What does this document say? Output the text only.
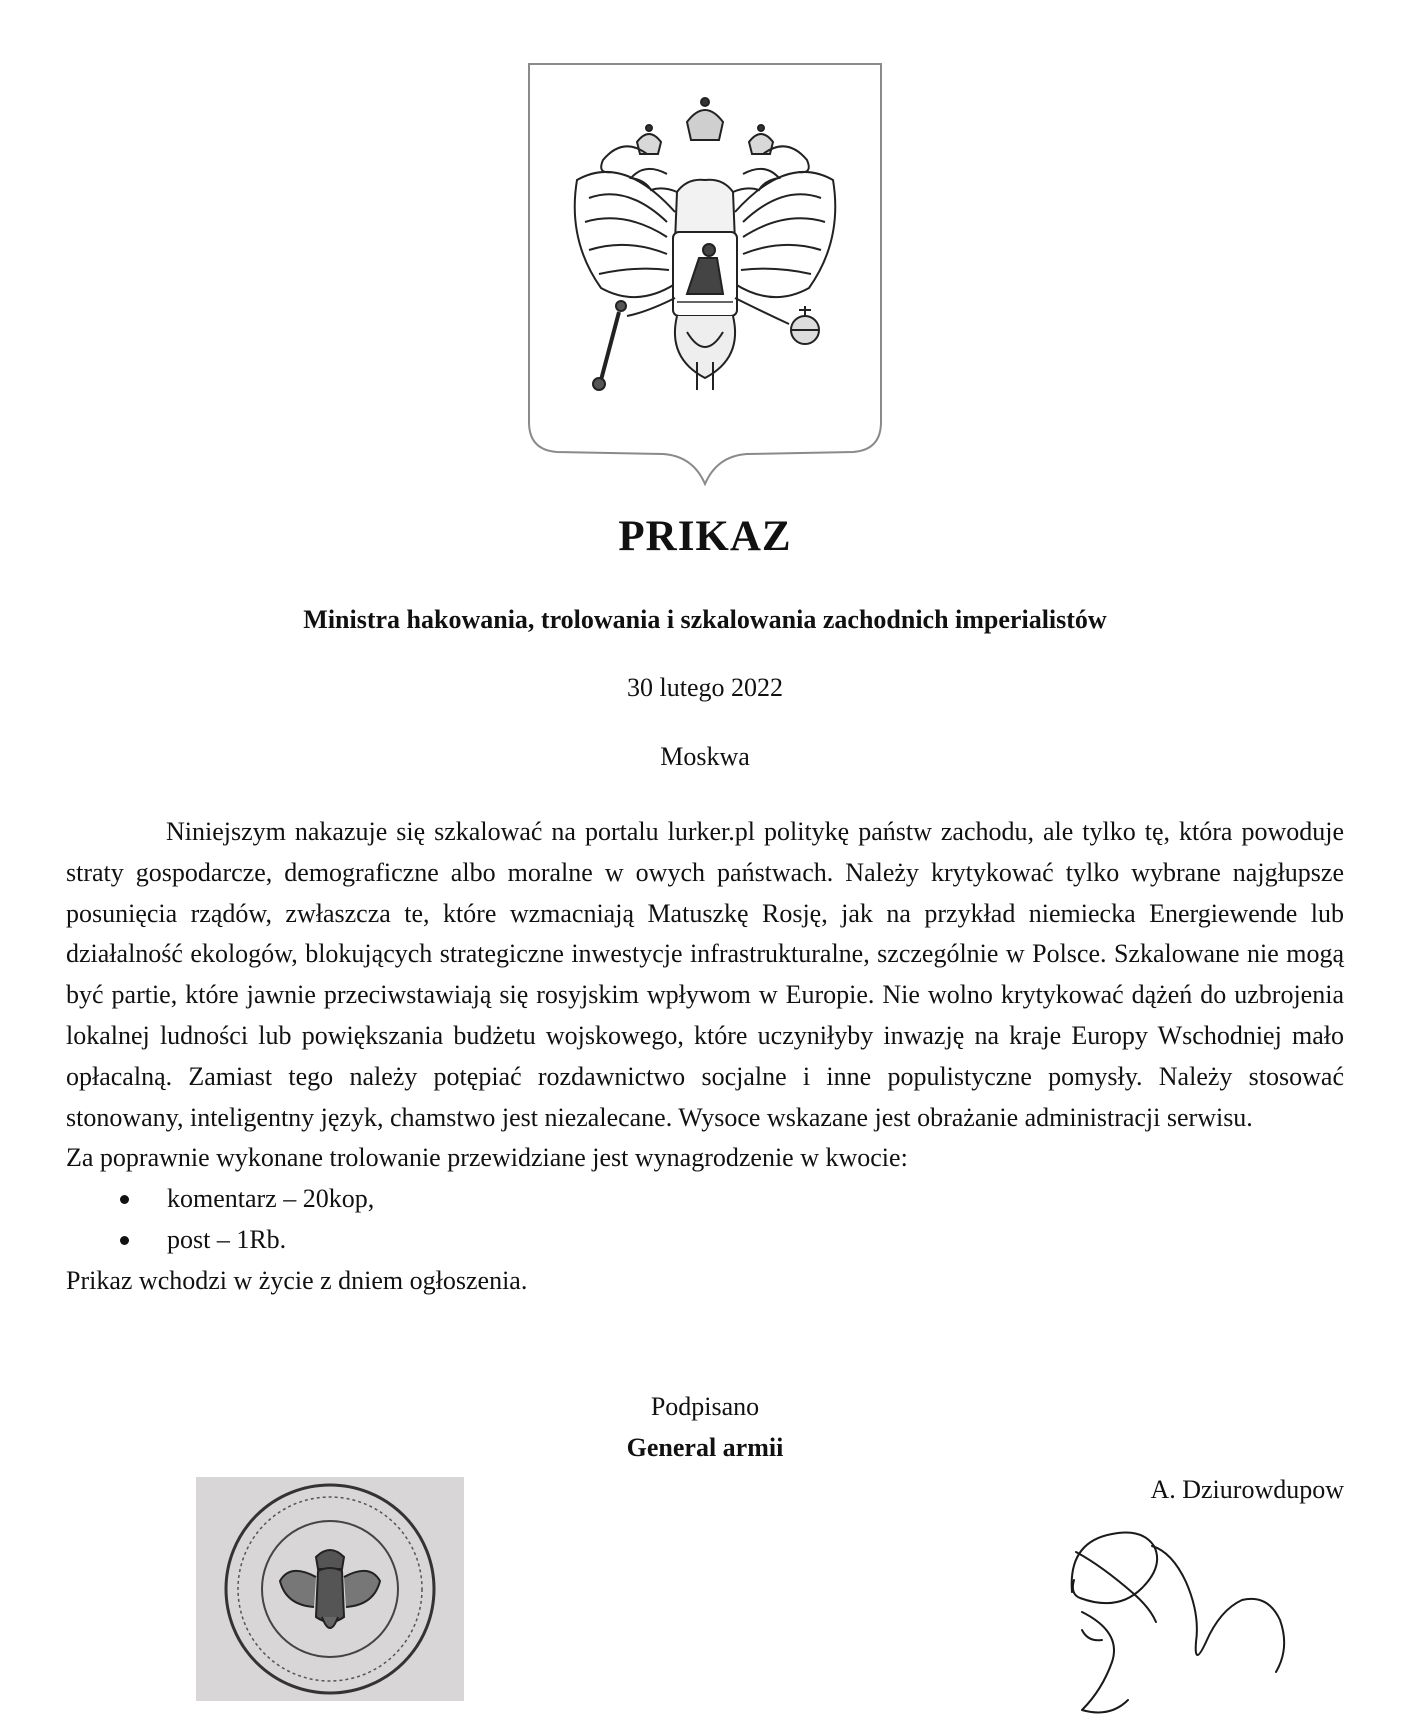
PRIKAZ
Ministra hakowania, trolowania i szkalowania zachodnich imperialistów
30 lutego 2022
Moskwa

Niniejszym nakazuje się szkalować na portalu lurker.pl politykę państw zachodu, ale tylko tę, która powoduje straty gospodarcze, demograficzne albo moralne w owych państwach. Należy krytykować tylko wybrane najgłupsze posunięcia rządów, zwłaszcza te, które wzmacniają Matuszkę Rosję, jak na przykład niemiecka Energiewende lub działalność ekologów, blokujących strategiczne inwestycje infrastrukturalne, szczególnie w Polsce. Szkalowane nie mogą być partie, które jawnie przeciwstawiają się rosyjskim wpływom w Europie. Nie wolno krytykować dążeń do uzbrojenia lokalnej ludności lub powiększania budżetu wojskowego, które uczyniłyby inwazję na kraje Europy Wschodniej mało opłacalną. Zamiast tego należy potępiać rozdawnictwo socjalne i inne populistyczne pomysły. Należy stosować stonowany, inteligentny język, chamstwo jest niezalecane. Wysoce wskazane jest obrażanie administracji serwisu.

Za poprawnie wykonane trolowanie przewidziane jest wynagrodzenie w kwocie:

komentarz – 20kop,
post – 1Rb.

Prikaz wchodzi w życie z dniem ogłoszenia.

Podpisano
General armii
A. Dziurowdupow
